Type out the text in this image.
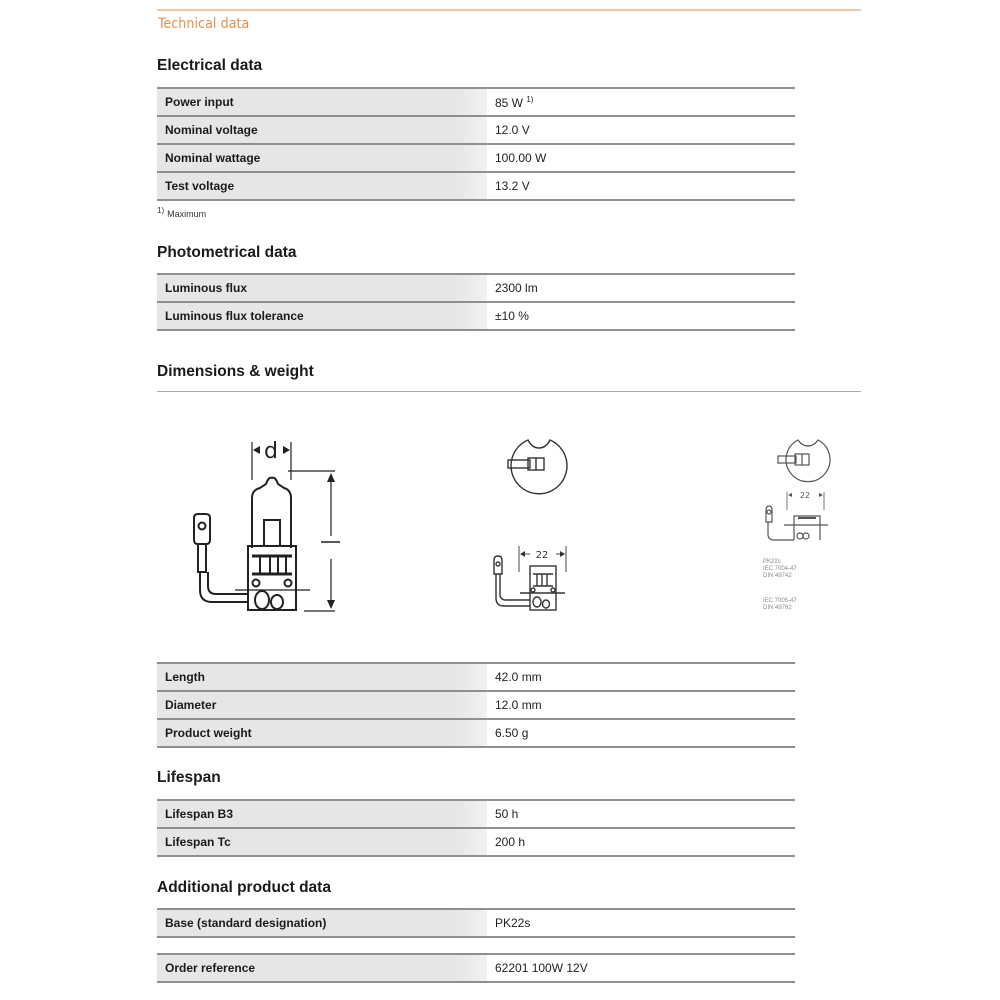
Technical data
Electrical data
Power input	85 W $^{1)}$
Nominal voltage	12.0 V
Nominal wattage	100.00 W
Test voltage	13.2 V
1) Maximum
Photometrical data
Luminous flux	2300 lm
Luminous flux tolerance	±10 %
Dimensions & weight
d
22
22
PK22s
IEC 7004-47
DIN 49742
IEC 7005-47
DIN 49762
Length	42.0 mm
Diameter	12.0 mm
Product weight	6.50 g
Lifespan
Lifespan B3	50 h
Lifespan Tc	200 h
Additional product data
Base (standard designation)	PK22s
Order reference	62201 100W 12V
